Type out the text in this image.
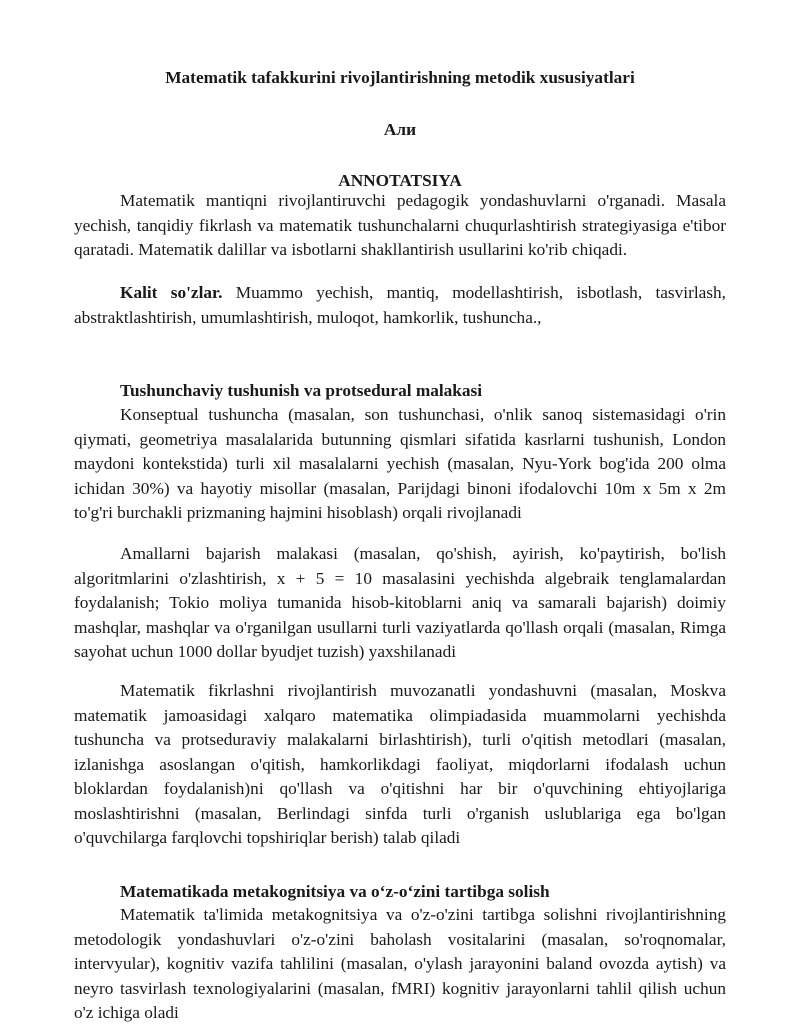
Matematik tafakkurini rivojlantirishning metodik xususiyatlari
Али
ANNOTATSIYA

Matematik mantiqni rivojlantiruvchi pedagogik yondashuvlarni o'rganadi. Masala yechish, tanqidiy fikrlash va matematik tushunchalarni chuqurlashtirish strategiyasiga e'tibor qaratadi. Matematik dalillar va isbotlarni shakllantirish usullarini ko'rib chiqadi.

Kalit so'zlar. Muammo yechish, mantiq, modellashtirish, isbotlash, tasvirlash, abstraktlashtirish, umumlashtirish, muloqot, hamkorlik, tushuncha.,

Tushunchaviy tushunish va protsedural malakasi

Konseptual tushuncha (masalan, son tushunchasi, o'nlik sanoq sistemasidagi o'rin qiymati, geometriya masalalarida butunning qismlari sifatida kasrlarni tushunish, London maydoni kontekstida) turli xil masalalarni yechish (masalan, Nyu-York bog'ida 200 olma ichidan 30%) va hayotiy misollar (masalan, Parijdagi binoni ifodalovchi 10m x 5m x 2m to'g'ri burchakli prizmaning hajmini hisoblash) orqali rivojlanadi

Amallarni bajarish malakasi (masalan, qo'shish, ayirish, ko'paytirish, bo'lish algoritmlarini o'zlashtirish, x + 5 = 10 masalasini yechishda algebraik tenglamalardan foydalanish; Tokio moliya tumanida hisob-kitoblarni aniq va samarali bajarish) doimiy mashqlar, mashqlar va o'rganilgan usullarni turli vaziyatlarda qo'llash orqali (masalan, Rimga sayohat uchun 1000 dollar byudjet tuzish) yaxshilanadi

Matematik fikrlashni rivojlantirish muvozanatli yondashuvni (masalan, Moskva matematik jamoasidagi xalqaro matematika olimpiadasida muammolarni yechishda tushuncha va protseduraviy malakalarni birlashtirish), turli o'qitish metodlari (masalan, izlanishga asoslangan o'qitish, hamkorlikdagi faoliyat, miqdorlarni ifodalash uchun bloklardan foydalanish)ni qo'llash va o'qitishni har bir o'quvchining ehtiyojlariga moslashtirishni (masalan, Berlindagi sinfda turli o'rganish uslublariga ega bo'lgan o'quvchilarga farqlovchi topshiriqlar berish) talab qiladi

Matematikada metakognitsiya va o‘z-o‘zini tartibga solish

Matematik ta'limida metakognitsiya va o'z-o'zini tartibga solishni rivojlantirishning metodologik yondashuvlari o'z-o'zini baholash vositalarini (masalan, so'roqnomalar, intervyular), kognitiv vazifa tahlilini (masalan, o'ylash jarayonini baland ovozda aytish) va neyro tasvirlash texnologiyalarini (masalan, fMRI) kognitiv jarayonlarni tahlil qilish uchun o'z ichiga oladi
